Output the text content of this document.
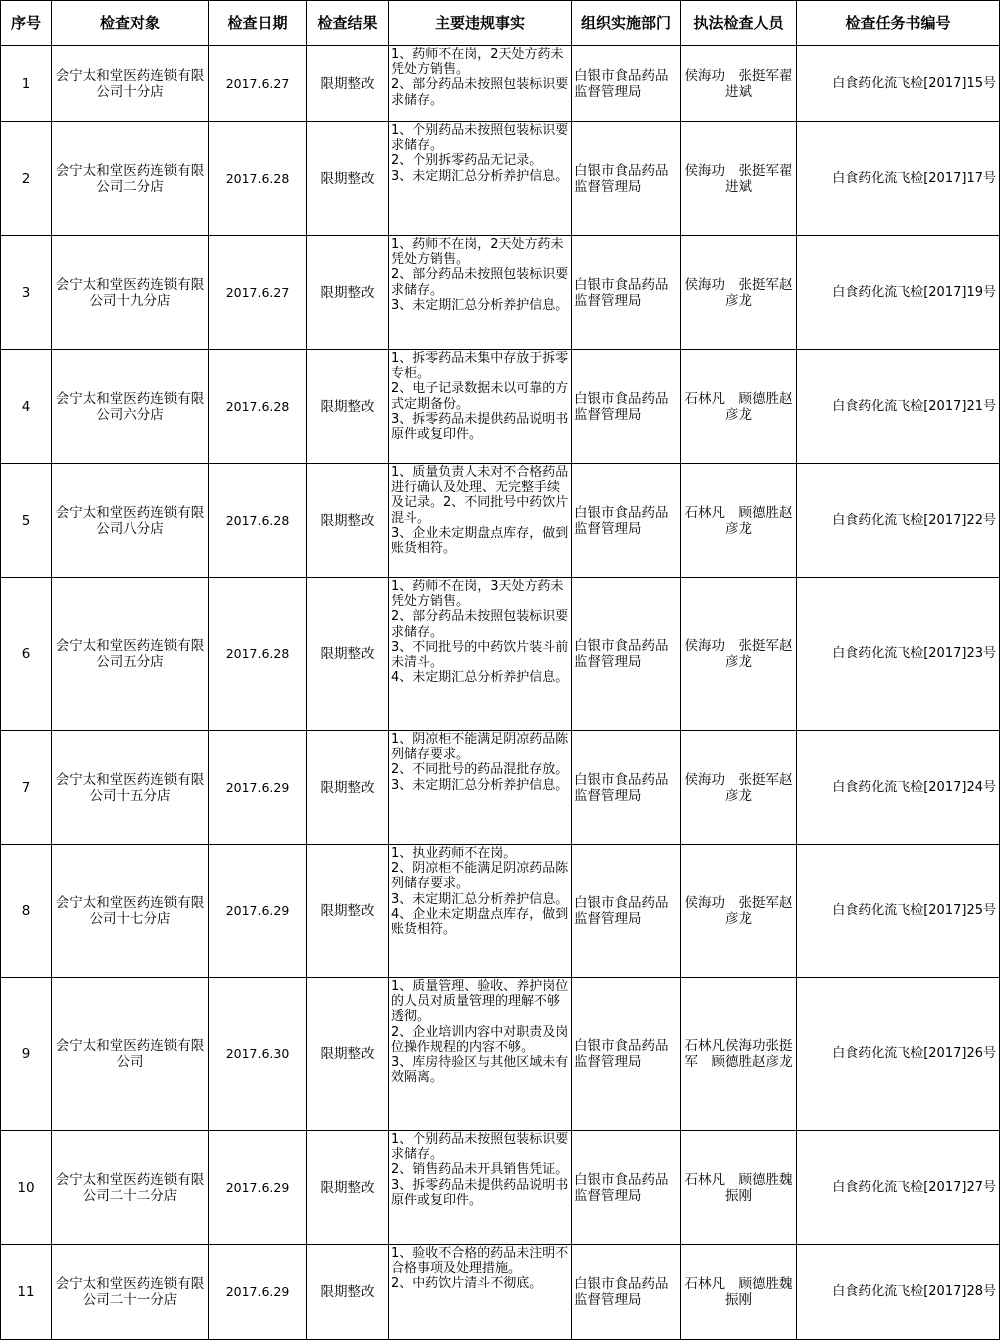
序号	检查对象	检查日期	检查结果	主要违规事实	组织实施部门	执法检查人员	检查任务书编号
1	会宁太和堂医药连锁有限公司十分店	2017.6.27	限期整改	1、药师不在岗，2天处方药未凭处方销售。
2、部分药品未按照包装标识要求储存。	白银市食品药品监督管理局	侯海功　张挺军翟进斌	白食药化流飞检[2017]15号
2	会宁太和堂医药连锁有限公司二分店	2017.6.28	限期整改	1、个别药品未按照包装标识要求储存。
2、个别拆零药品无记录。
3、未定期汇总分析养护信息。	白银市食品药品监督管理局	侯海功　张挺军翟进斌	白食药化流飞检[2017]17号
3	会宁太和堂医药连锁有限公司十九分店	2017.6.27	限期整改	1、药师不在岗，2天处方药未凭处方销售。
2、部分药品未按照包装标识要求储存。
3、未定期汇总分析养护信息。	白银市食品药品监督管理局	侯海功　张挺军赵彦龙	白食药化流飞检[2017]19号
4	会宁太和堂医药连锁有限公司六分店	2017.6.28	限期整改	1、拆零药品未集中存放于拆零专柜。
2、电子记录数据未以可靠的方式定期备份。
3、拆零药品未提供药品说明书原件或复印件。	白银市食品药品监督管理局	石林凡　顾德胜赵彦龙	白食药化流飞检[2017]21号
5	会宁太和堂医药连锁有限公司八分店	2017.6.28	限期整改	1、质量负责人未对不合格药品进行确认及处理、无完整手续及记录。2、不同批号中药饮片混斗。
3、企业未定期盘点库存，做到账货相符。	白银市食品药品监督管理局	石林凡　顾德胜赵彦龙	白食药化流飞检[2017]22号
6	会宁太和堂医药连锁有限公司五分店	2017.6.28	限期整改	1、药师不在岗，3天处方药未凭处方销售。
2、部分药品未按照包装标识要求储存。
3、不同批号的中药饮片装斗前未清斗。
4、未定期汇总分析养护信息。	白银市食品药品监督管理局	侯海功　张挺军赵彦龙	白食药化流飞检[2017]23号
7	会宁太和堂医药连锁有限公司十五分店	2017.6.29	限期整改	1、阴凉柜不能满足阴凉药品陈列储存要求。
2、不同批号的药品混批存放。
3、未定期汇总分析养护信息。	白银市食品药品监督管理局	侯海功　张挺军赵彦龙	白食药化流飞检[2017]24号
8	会宁太和堂医药连锁有限公司十七分店	2017.6.29	限期整改	1、执业药师不在岗。
2、阴凉柜不能满足阴凉药品陈列储存要求。
3、未定期汇总分析养护信息。
4、企业未定期盘点库存，做到账货相符。	白银市食品药品监督管理局	侯海功　张挺军赵彦龙	白食药化流飞检[2017]25号
9	会宁太和堂医药连锁有限公司	2017.6.30	限期整改	1、质量管理、验收、养护岗位的人员对质量管理的理解不够透彻。
2、企业培训内容中对职责及岗位操作规程的内容不够。
3、库房待验区与其他区域未有效隔离。	白银市食品药品监督管理局	石林凡侯海功张挺军　顾德胜赵彦龙	白食药化流飞检[2017]26号
10	会宁太和堂医药连锁有限公司二十二分店	2017.6.29	限期整改	1、个别药品未按照包装标识要求储存。
2、销售药品未开具销售凭证。
3、拆零药品未提供药品说明书原件或复印件。	白银市食品药品监督管理局	石林凡　顾德胜魏振刚	白食药化流飞检[2017]27号
11	会宁太和堂医药连锁有限公司二十一分店	2017.6.29	限期整改	1、验收不合格的药品未注明不合格事项及处理措施。
2、中药饮片清斗不彻底。	白银市食品药品监督管理局	石林凡　顾德胜魏振刚	白食药化流飞检[2017]28号
